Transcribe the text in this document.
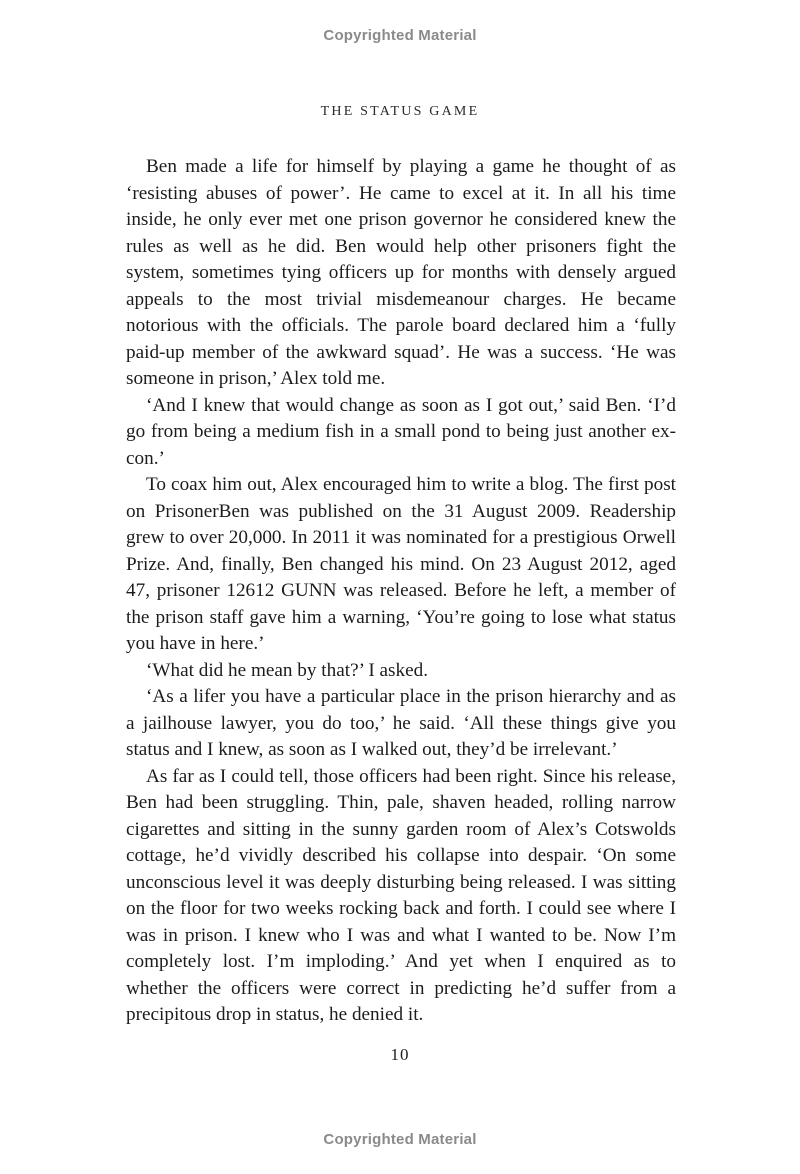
Copyrighted Material
THE STATUS GAME

Ben made a life for himself by playing a game he thought of as ‘resisting abuses of power’. He came to excel at it. In all his time inside, he only ever met one prison governor he considered knew the rules as well as he did. Ben would help other prisoners fight the system, sometimes tying officers up for months with densely argued appeals to the most trivial misdemeanour charges. He became notorious with the officials. The parole board declared him a ‘fully paid-up member of the awkward squad’. He was a success. ‘He was someone in prison,’ Alex told me.

‘And I knew that would change as soon as I got out,’ said Ben. ‘I’d go from being a medium fish in a small pond to being just another ex-con.’

To coax him out, Alex encouraged him to write a blog. The first post on PrisonerBen was published on the 31 August 2009. Readership grew to over 20,000. In 2011 it was nominated for a prestigious Orwell Prize. And, finally, Ben changed his mind. On 23 August 2012, aged 47, prisoner 12612 GUNN was released. Before he left, a member of the prison staff gave him a warning, ‘You’re going to lose what status you have in here.’

‘What did he mean by that?’ I asked.

‘As a lifer you have a particular place in the prison hierarchy and as a jailhouse lawyer, you do too,’ he said. ‘All these things give you status and I knew, as soon as I walked out, they’d be irrelevant.’

As far as I could tell, those officers had been right. Since his release, Ben had been struggling. Thin, pale, shaven headed, rolling narrow cigarettes and sitting in the sunny garden room of Alex’s Cotswolds cottage, he’d vividly described his collapse into despair. ‘On some unconscious level it was deeply disturbing being released. I was sitting on the floor for two weeks rocking back and forth. I could see where I was in prison. I knew who I was and what I wanted to be. Now I’m completely lost. I’m imploding.’ And yet when I enquired as to whether the officers were correct in predicting he’d suffer from a precipitous drop in status, he denied it.

10
Copyrighted Material
